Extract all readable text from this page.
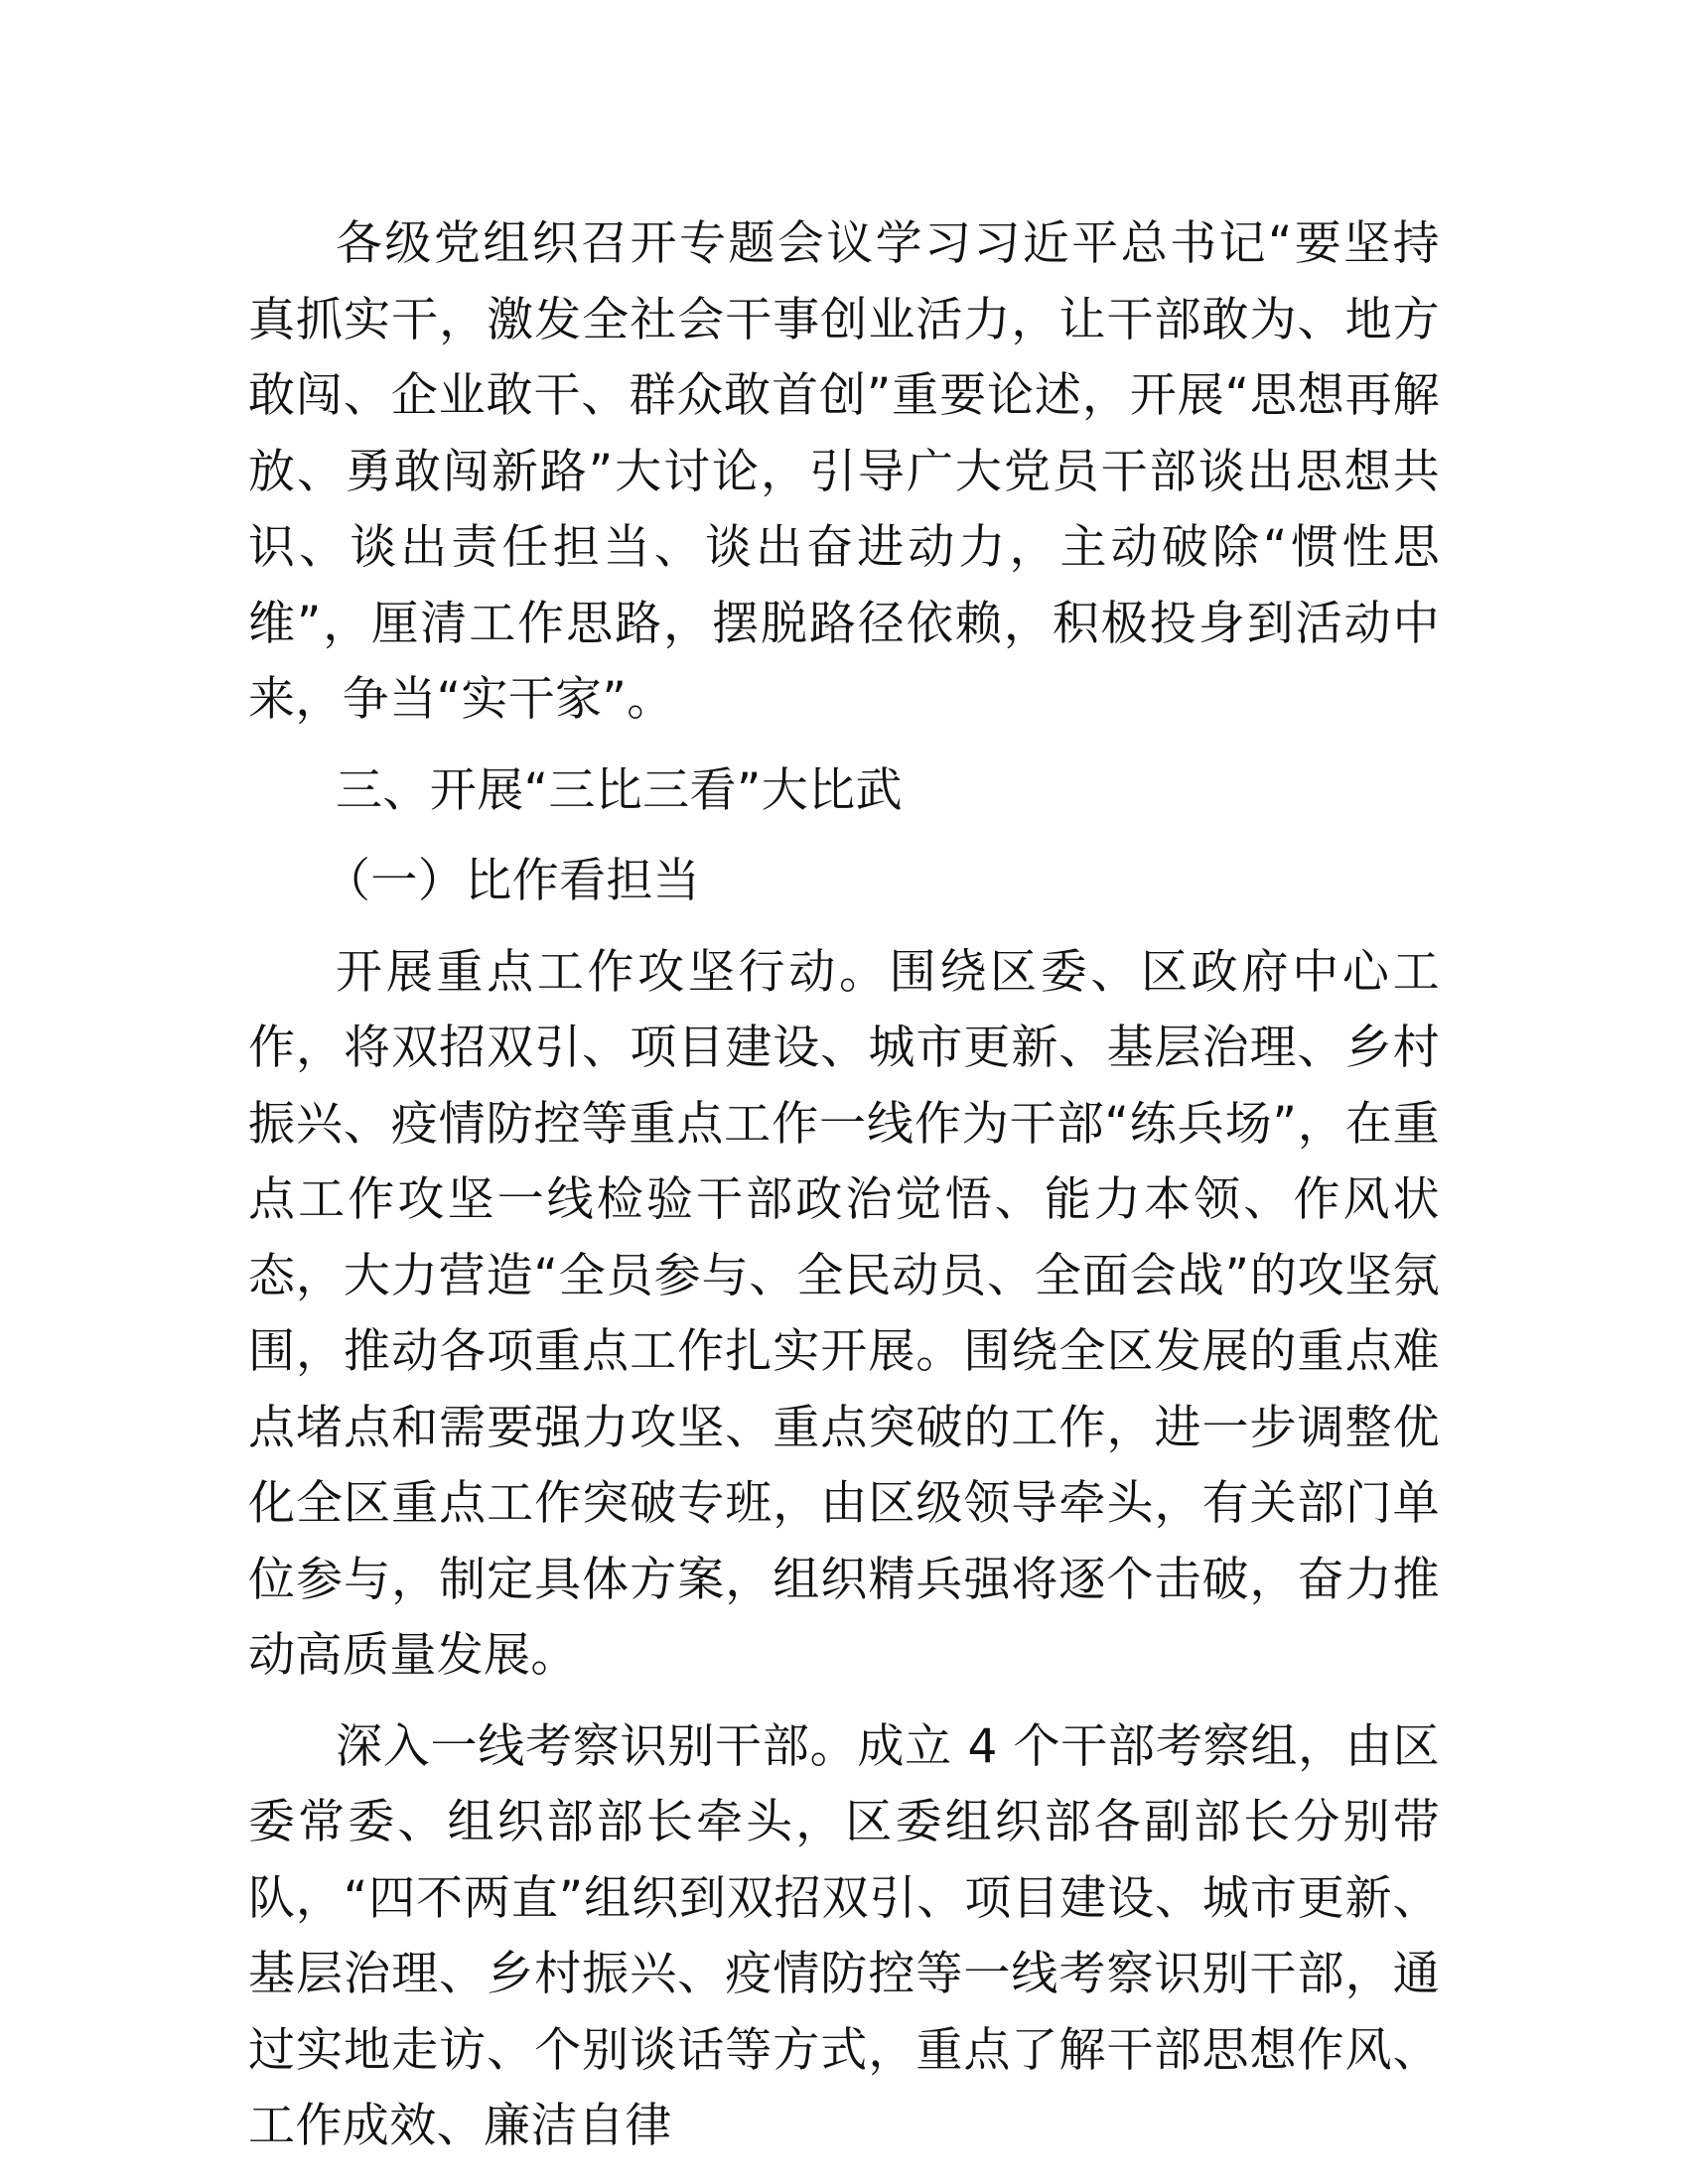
各级党组织召开专题会议学习习近平总书记“要坚持真抓实干，激发全社会干事创业活力，让干部敢为、地方敢闯、企业敢干、群众敢首创”重要论述，开展“思想再解放、勇敢闯新路”大讨论，引导广大党员干部谈出思想共识、谈出责任担当、谈出奋进动力，主动破除“惯性思维”，厘清工作思路，摆脱路径依赖，积极投身到活动中来，争当“实干家”。

三、开展“三比三看”大比武

（一）比作看担当

开展重点工作攻坚行动。围绕区委、区政府中心工作，将双招双引、项目建设、城市更新、基层治理、乡村振兴、疫情防控等重点工作一线作为干部“练兵场”，在重点工作攻坚一线检验干部政治觉悟、能力本领、作风状态，大力营造“全员参与、全民动员、全面会战”的攻坚氛围，推动各项重点工作扎实开展。围绕全区发展的重点难点堵点和需要强力攻坚、重点突破的工作，进一步调整优化全区重点工作突破专班，由区级领导牵头，有关部门单位参与，制定具体方案，组织精兵强将逐个击破，奋力推动高质量发展。

深入一线考察识别干部。成立 4 个干部考察组，由区委常委、组织部部长牵头，区委组织部各副部长分别带队，“四不两直”组织到双招双引、项目建设、城市更新、基层治理、乡村振兴、疫情防控等一线考察识别干部，通过实地走访、个别谈话等方式，重点了解干部思想作风、工作成效、廉洁自律
